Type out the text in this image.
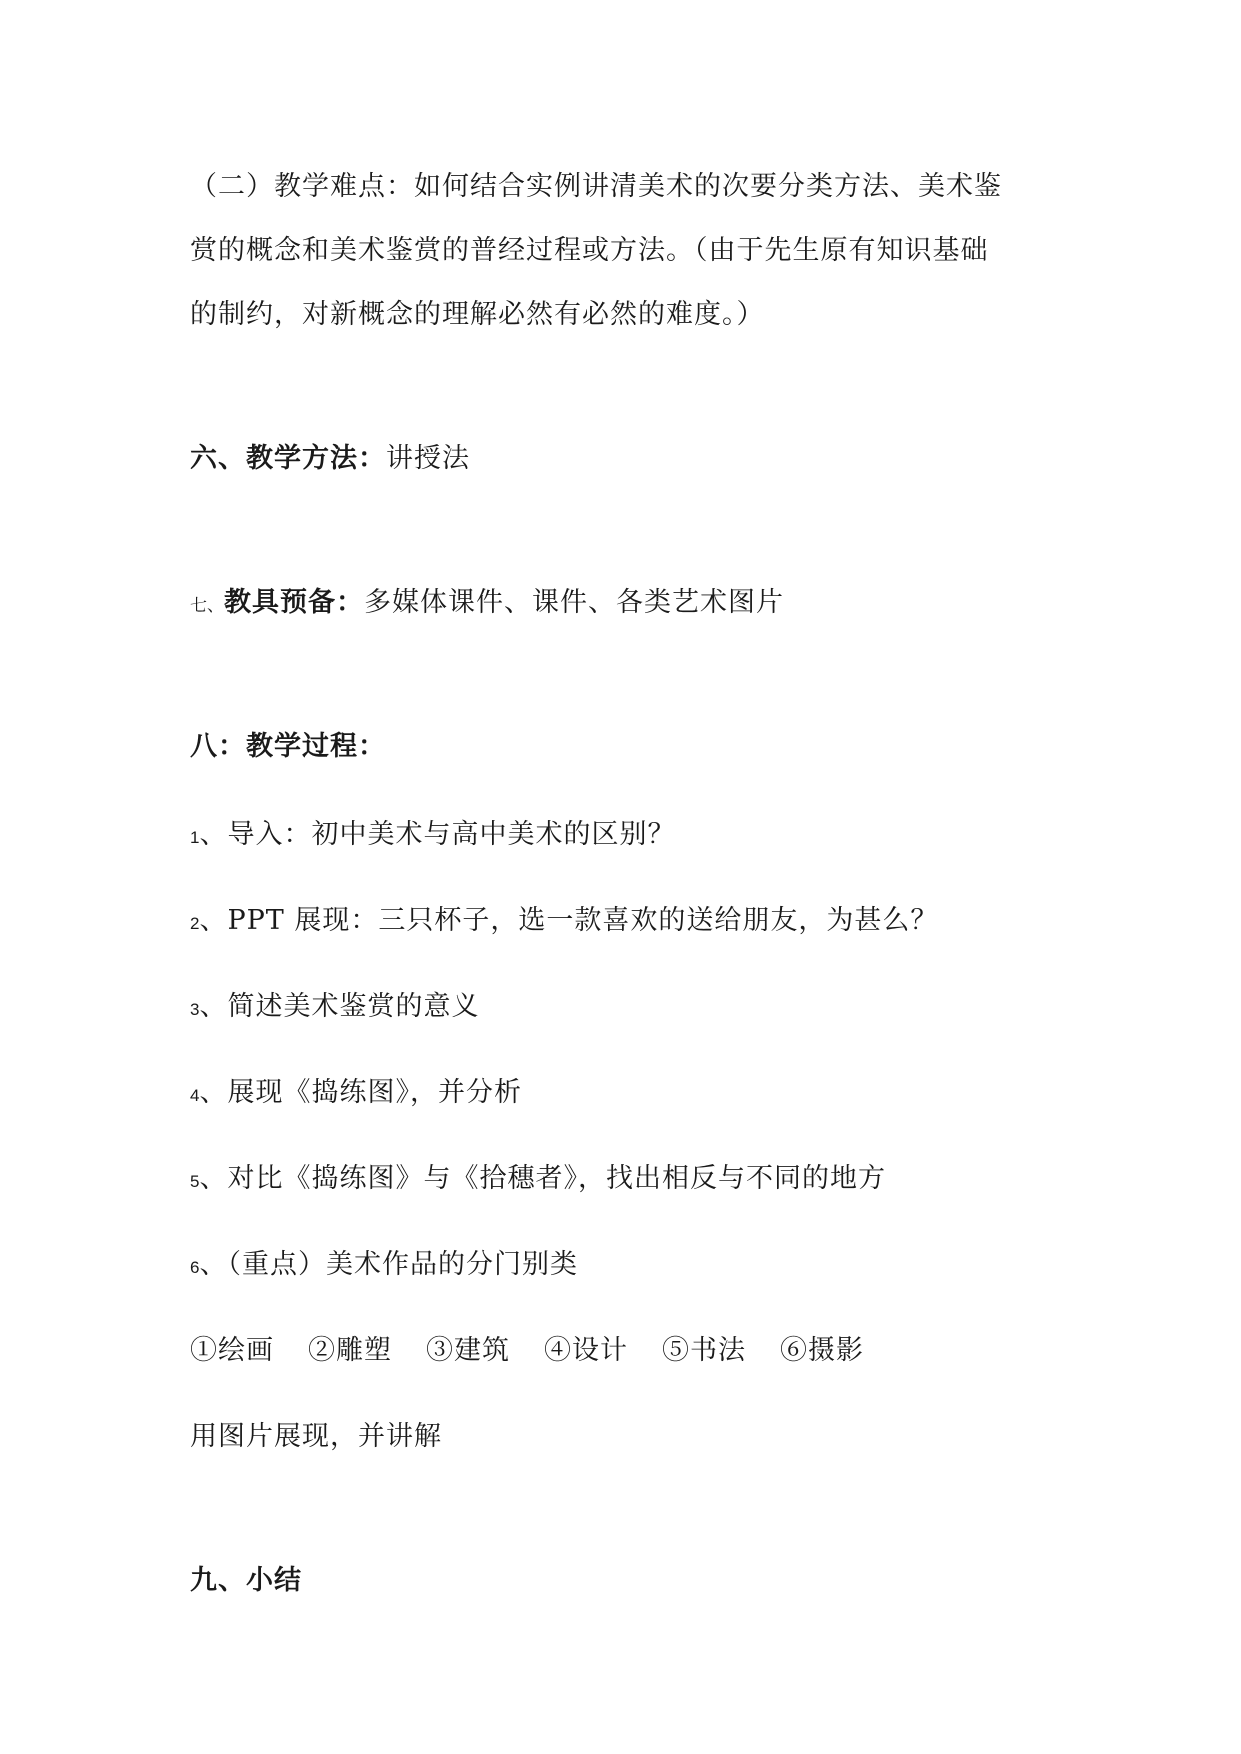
（二）教学难点：如何结合实例讲清美术的次要分类方法、美术鉴
赏的概念和美术鉴赏的普经过程或方法。（由于先生原有知识基础
的制约，对新概念的理解必然有必然的难度。）
六、教学方法：讲授法
七、教具预备：多媒体课件、课件、各类艺术图片
八：教学过程：
1、导入：初中美术与高中美术的区别？
2、PPT 展现：三只杯子，选一款喜欢的送给朋友，为甚么？
3、简述美术鉴赏的意义
4、展现《捣练图》，并分析
5、对比《捣练图》与《拾穗者》，找出相反与不同的地方
6、（重点）美术作品的分门别类
①绘画 ②雕塑 ③建筑 ④设计 ⑤书法 ⑥摄影
用图片展现，并讲解
九、小结
